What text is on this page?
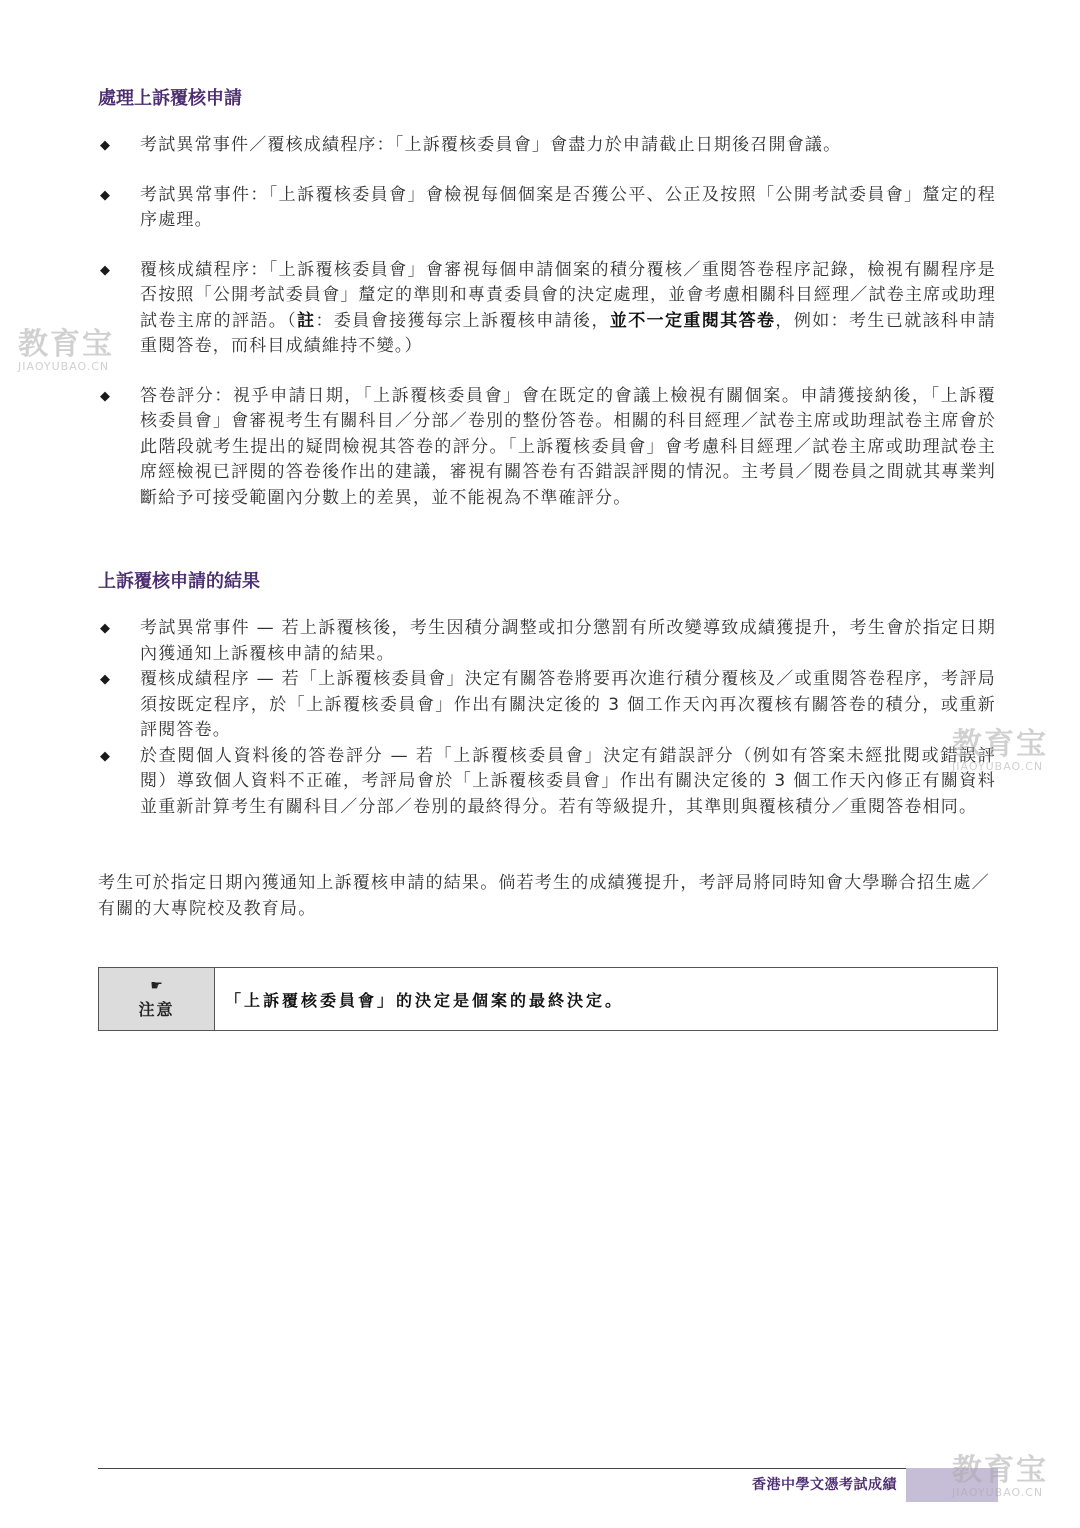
處理上訴覆核申請
◆ 考試異常事件／覆核成績程序：「上訴覆核委員會」會盡力於申請截止日期後召開會議。
◆ 考試異常事件：「上訴覆核委員會」會檢視每個個案是否獲公平、公正及按照「公開考試委員會」釐定的程序處理。
◆ 覆核成績程序：「上訴覆核委員會」會審視每個申請個案的積分覆核／重閱答卷程序記錄，檢視有關程序是否按照「公開考試委員會」釐定的準則和專責委員會的決定處理，並會考慮相關科目經理／試卷主席或助理試卷主席的評語。（註：委員會接獲每宗上訴覆核申請後，並不一定重閱其答卷，例如：考生已就該科申請重閱答卷，而科目成績維持不變。）
◆ 答卷評分：視乎申請日期，「上訴覆核委員會」會在既定的會議上檢視有關個案。申請獲接納後，「上訴覆核委員會」會審視考生有關科目／分部／卷別的整份答卷。相關的科目經理／試卷主席或助理試卷主席會於此階段就考生提出的疑問檢視其答卷的評分。「上訴覆核委員會」會考慮科目經理／試卷主席或助理試卷主席經檢視已評閱的答卷後作出的建議，審視有關答卷有否錯誤評閱的情況。主考員／閱卷員之間就其專業判斷給予可接受範圍內分數上的差異，並不能視為不準確評分。
上訴覆核申請的結果
◆ 考試異常事件 — 若上訴覆核後，考生因積分調整或扣分懲罰有所改變導致成績獲提升，考生會於指定日期內獲通知上訴覆核申請的結果。
◆ 覆核成績程序 — 若「上訴覆核委員會」決定有關答卷將要再次進行積分覆核及／或重閱答卷程序，考評局須按既定程序，於「上訴覆核委員會」作出有關決定後的 3 個工作天內再次覆核有關答卷的積分，或重新評閱答卷。
◆ 於查閱個人資料後的答卷評分 — 若「上訴覆核委員會」決定有錯誤評分（例如有答案未經批閱或錯誤評閱）導致個人資料不正確，考評局會於「上訴覆核委員會」作出有關決定後的 3 個工作天內修正有關資料並重新計算考生有關科目／分部／卷別的最終得分。若有等級提升，其準則與覆核積分／重閱答卷相同。

考生可於指定日期內獲通知上訴覆核申請的結果。倘若考生的成績獲提升，考評局將同時知會大學聯合招生處／有關的大專院校及教育局。

☛
注意	「上訴覆核委員會」的決定是個案的最終決定。
香港中學文憑考試成績
教育宝
JIAOYUBAO.CN
教育宝
JIAOYUBAO.CN
教育宝
JIAOYUBAO.CN
